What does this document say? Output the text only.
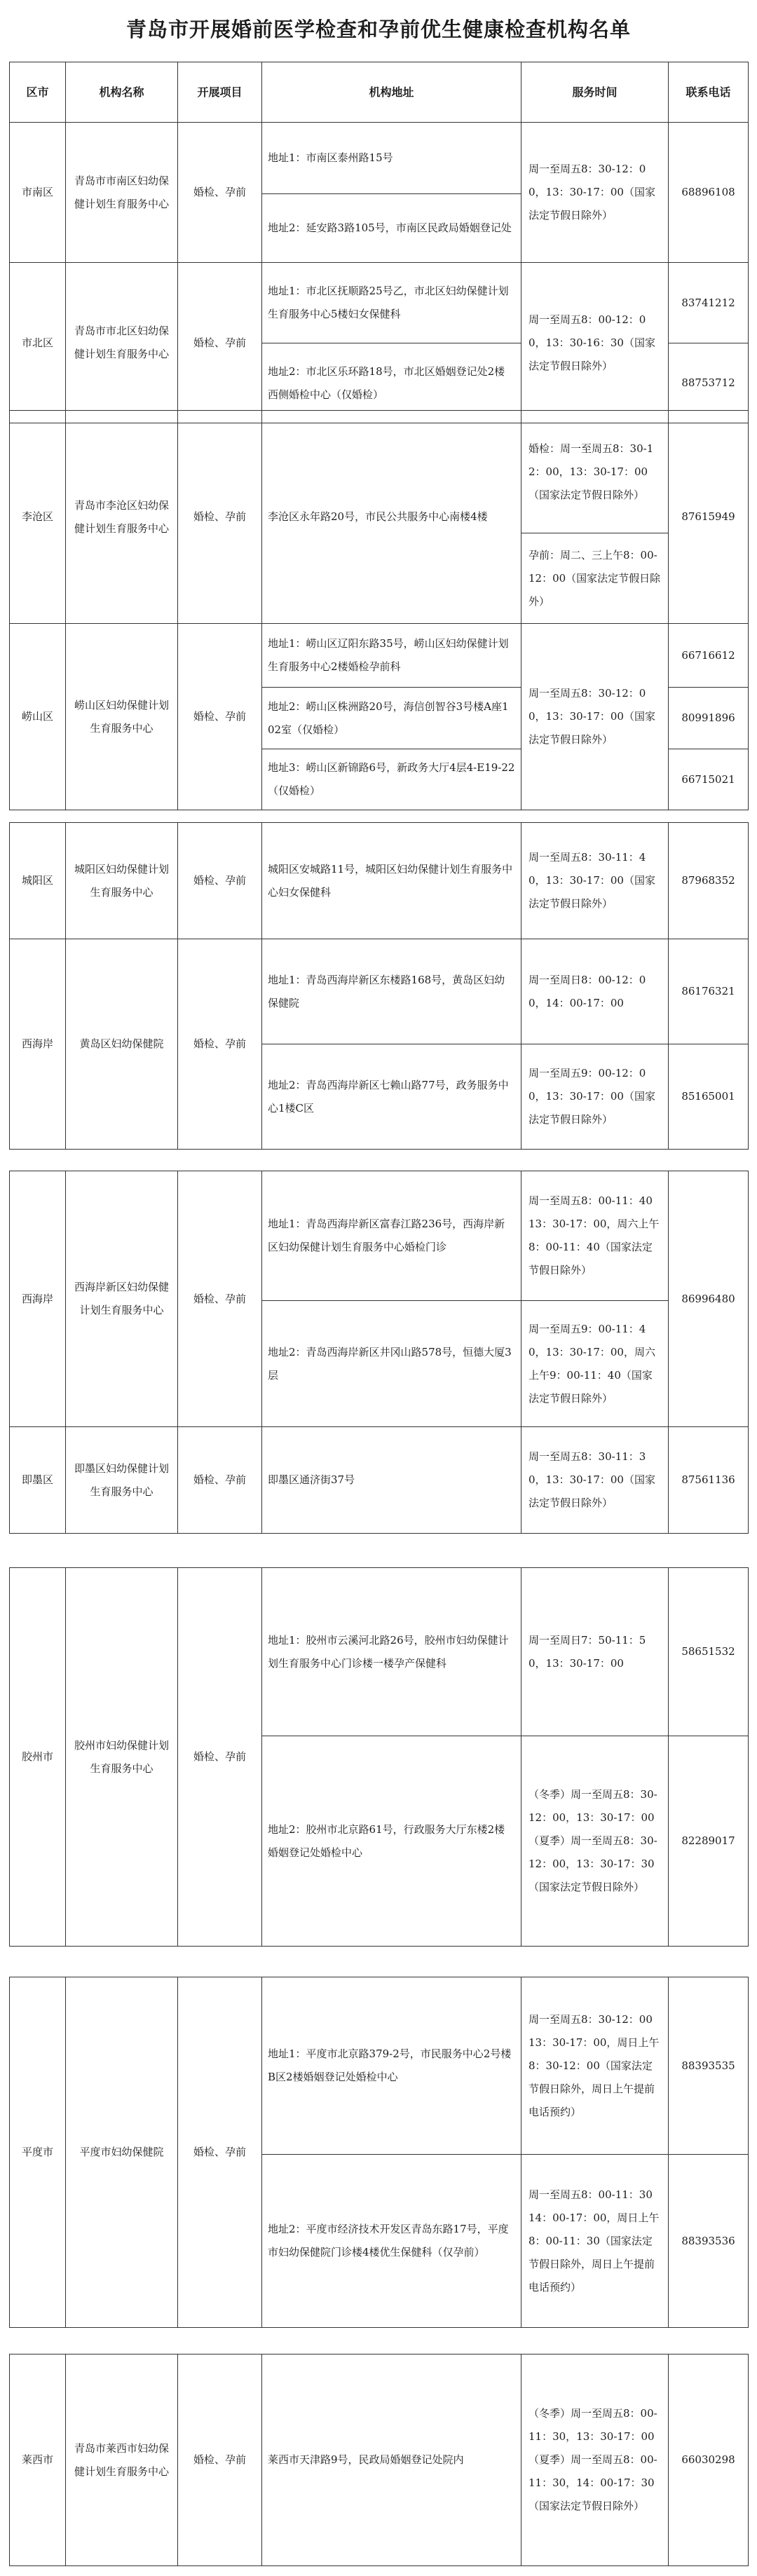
青岛市开展婚前医学检查和孕前优生健康检查机构名单
区市	机构名称	开展项目	机构地址	服务时间	联系电话
市南区	青岛市市南区妇幼保健计划生育服务中心	婚检、孕前	地址1：市南区泰州路15号	周一至周五8：30-12：00，13：30-17：00（国家法定节假日除外）	68896108
			地址2：延安路3路105号，市南区民政局婚姻登记处		
市北区	青岛市市北区妇幼保健计划生育服务中心	婚检、孕前	地址1：市北区抚顺路25号乙，市北区妇幼保健计划生育服务中心5楼妇女保健科	周一至周五8：00-12：00，13：30-16：30（国家法定节假日除外）	83741212
			地址2：市北区乐环路18号，市北区婚姻登记处2楼西侧婚检中心（仅婚检）		88753712
李沧区	青岛市李沧区妇幼保健计划生育服务中心	婚检、孕前	李沧区永年路20号，市民公共服务中心南楼4楼	婚检：周一至周五8：30-12：00，13：30-17：00（国家法定节假日除外）	87615949
				孕前：周二、三上午8：00-12：00（国家法定节假日除外）	
崂山区	崂山区妇幼保健计划生育服务中心	婚检、孕前	地址1：崂山区辽阳东路35号，崂山区妇幼保健计划生育服务中心2楼婚检孕前科	周一至周五8：30-12：00，13：30-17：00（国家法定节假日除外）	66716612
			地址2：崂山区株洲路20号，海信创智谷3号楼A座102室（仅婚检）		80991896
			地址3：崂山区新锦路6号，新政务大厅4层4-E19-22（仅婚检）		66715021
城阳区	城阳区妇幼保健计划生育服务中心	婚检、孕前	城阳区安城路11号，城阳区妇幼保健计划生育服务中心妇女保健科	周一至周五8：30-11：40，13：30-17：00（国家法定节假日除外）	87968352
西海岸	黄岛区妇幼保健院	婚检、孕前	地址1：青岛西海岸新区东楼路168号，黄岛区妇幼保健院	周一至周日8：00-12：00，14：00-17：00	86176321
			地址2：青岛西海岸新区七赖山路77号，政务服务中心1楼C区	周一至周五9：00-12：00，13：30-17：00（国家法定节假日除外）	85165001
西海岸	西海岸新区妇幼保健计划生育服务中心	婚检、孕前	地址1：青岛西海岸新区富春江路236号，西海岸新区妇幼保健计划生育服务中心婚检门诊	周一至周五8：00-11：40 13：30-17：00，周六上午8：00-11：40（国家法定节假日除外）	86996480
			地址2：青岛西海岸新区井冈山路578号，恒德大厦3层	周一至周五9：00-11：40，13：30-17：00，周六上午9：00-11：40（国家法定节假日除外）	
即墨区	即墨区妇幼保健计划生育服务中心	婚检、孕前	即墨区通济街37号	周一至周五8：30-11：30，13：30-17：00（国家法定节假日除外）	87561136
胶州市	胶州市妇幼保健计划生育服务中心	婚检、孕前	地址1：胶州市云溪河北路26号，胶州市妇幼保健计划生育服务中心门诊楼一楼孕产保健科	周一至周日7：50-11：50，13：30-17：00	58651532
			地址2：胶州市北京路61号，行政服务大厅东楼2楼婚姻登记处婚检中心	（冬季）周一至周五8：30-12：00，13：30-17：00（夏季）周一至周五8：30-12：00，13：30-17：30（国家法定节假日除外）	82289017
平度市	平度市妇幼保健院	婚检、孕前	地址1：平度市北京路379-2号，市民服务中心2号楼B区2楼婚姻登记处婚检中心	周一至周五8：30-12：00 13：30-17：00，周日上午8：30-12：00（国家法定节假日除外，周日上午提前电话预约）	88393535
			地址2：平度市经济技术开发区青岛东路17号，平度市妇幼保健院门诊楼4楼优生保健科（仅孕前）	周一至周五8：00-11：30 14：00-17：00，周日上午8：00-11：30（国家法定节假日除外，周日上午提前电话预约）	88393536
莱西市	青岛市莱西市妇幼保健计划生育服务中心	婚检、孕前	莱西市天津路9号，民政局婚姻登记处院内	（冬季）周一至周五8：00-11：30，13：30-17：00（夏季）周一至周五8：00-11：30，14：00-17：30（国家法定节假日除外）	66030298
